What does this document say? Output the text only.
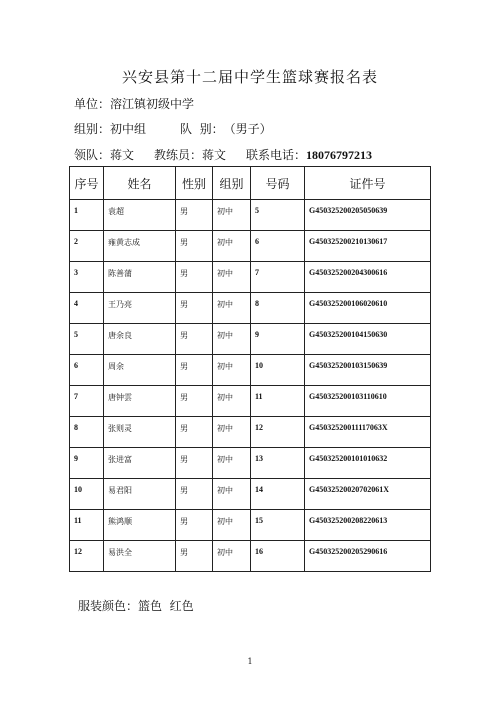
兴安县第十二届中学生篮球赛报名表
单位：溶江镇初级中学
组别：初中组	队  别：（男子）
领队：蒋文 教练员：蒋文 联系电话：18076797213
序号	姓名	性别	组别	号码	证件号
1	袁超	男	初中	5	G450325200205050639
2	雍黄志成	男	初中	6	G450325200210130617
3	陈善蒲	男	初中	7	G450325200204300616
4	王乃亮	男	初中	8	G450325200106020610
5	唐余良	男	初中	9	G450325200104150630
6	周余	男	初中	10	G450325200103150639
7	唐钟雲	男	初中	11	G450325200103110610
8	张则灵	男	初中	12	G45032520011117063X
9	张进富	男	初中	13	G450325200101010632
10	易君阳	男	初中	14	G45032520020702061X
11	熊鸿顺	男	初中	15	G450325200208220613
12	易洪全	男	初中	16	G450325200205290616
服装颜色：篮色  红色
1
